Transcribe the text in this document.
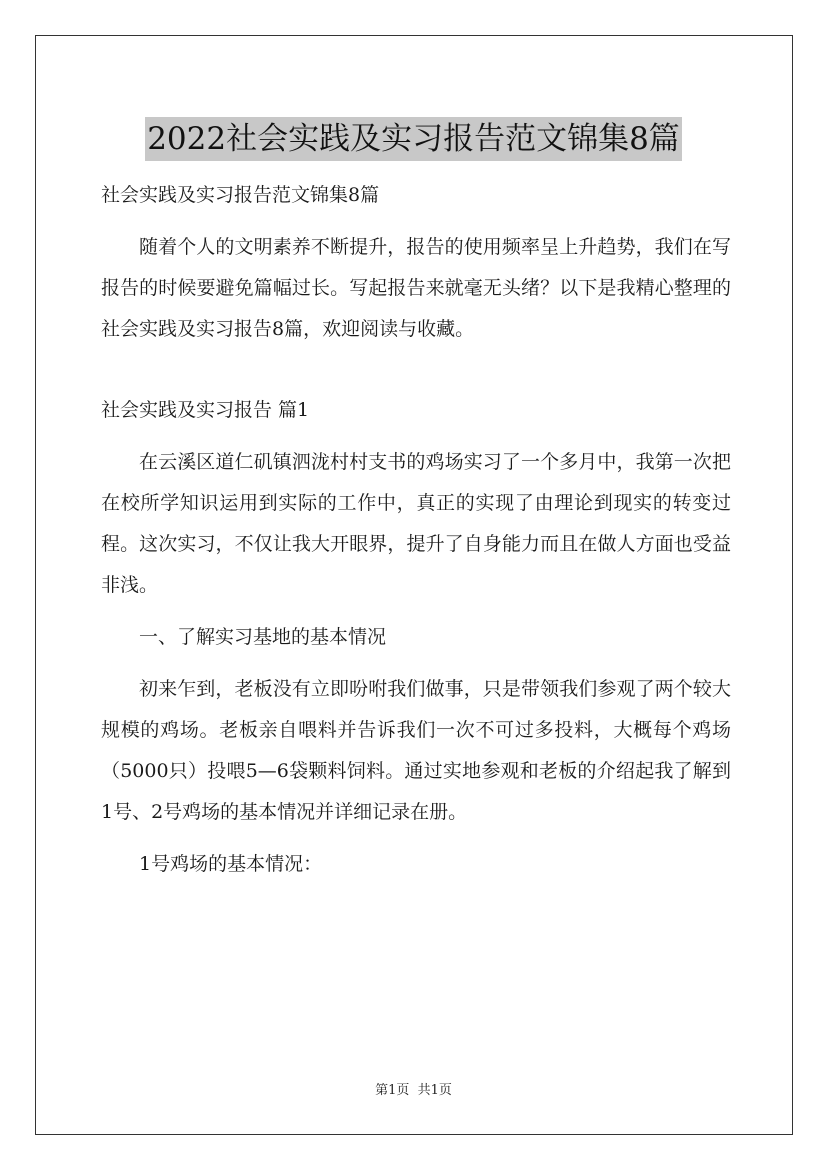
2022社会实践及实习报告范文锦集8篇

社会实践及实习报告范文锦集8篇

随着个人的文明素养不断提升，报告的使用频率呈上升趋势，我们在写报告的时候要避免篇幅过长。写起报告来就毫无头绪？以下是我精心整理的社会实践及实习报告8篇，欢迎阅读与收藏。

社会实践及实习报告 篇1

在云溪区道仁矶镇泗泷村村支书的鸡场实习了一个多月中，我第一次把在校所学知识运用到实际的工作中，真正的实现了由理论到现实的转变过程。这次实习，不仅让我大开眼界，提升了自身能力而且在做人方面也受益非浅。

一、了解实习基地的基本情况

初来乍到，老板没有立即吩咐我们做事，只是带领我们参观了两个较大规模的鸡场。老板亲自喂料并告诉我们一次不可过多投料，大概每个鸡场（5000只）投喂5—6袋颗料饲料。通过实地参观和老板的介绍起我了解到1号、2号鸡场的基本情况并详细记录在册。

1号鸡场的基本情况：

第1页  共1页
